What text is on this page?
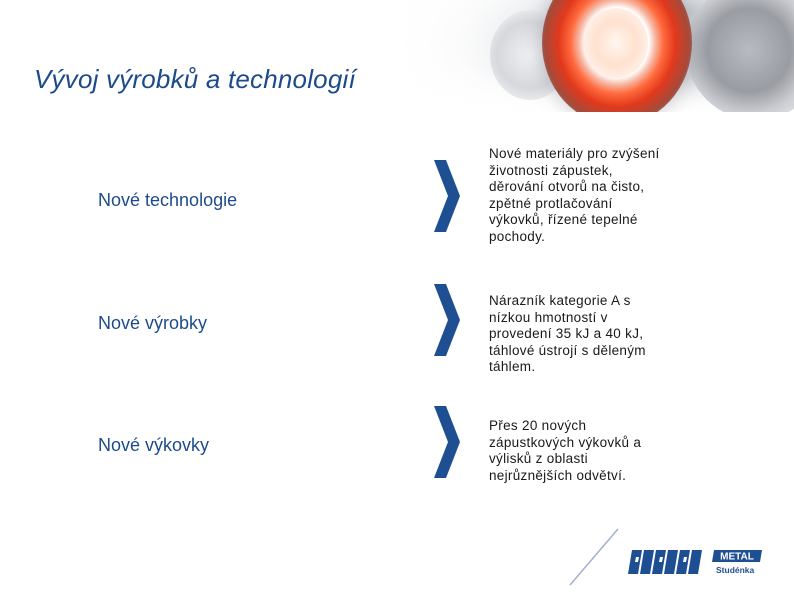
Vývoj výrobků a technologií
Nové technologie

Nové materiály pro zvýšení životnosti zápustek, děrování otvorů na čisto, zpětné protlačování výkovků, řízené tepelné pochody.

Nové výrobky

Nárazník kategorie A s nízkou hmotností v provedení 35 kJ a 40 kJ, táhlové ústrojí s děleným táhlem.

Nové výkovky

Přes 20 nových zápustkových výkovků a výlisků z oblasti nejrůznějších odvětví.

METAL
Studénka
